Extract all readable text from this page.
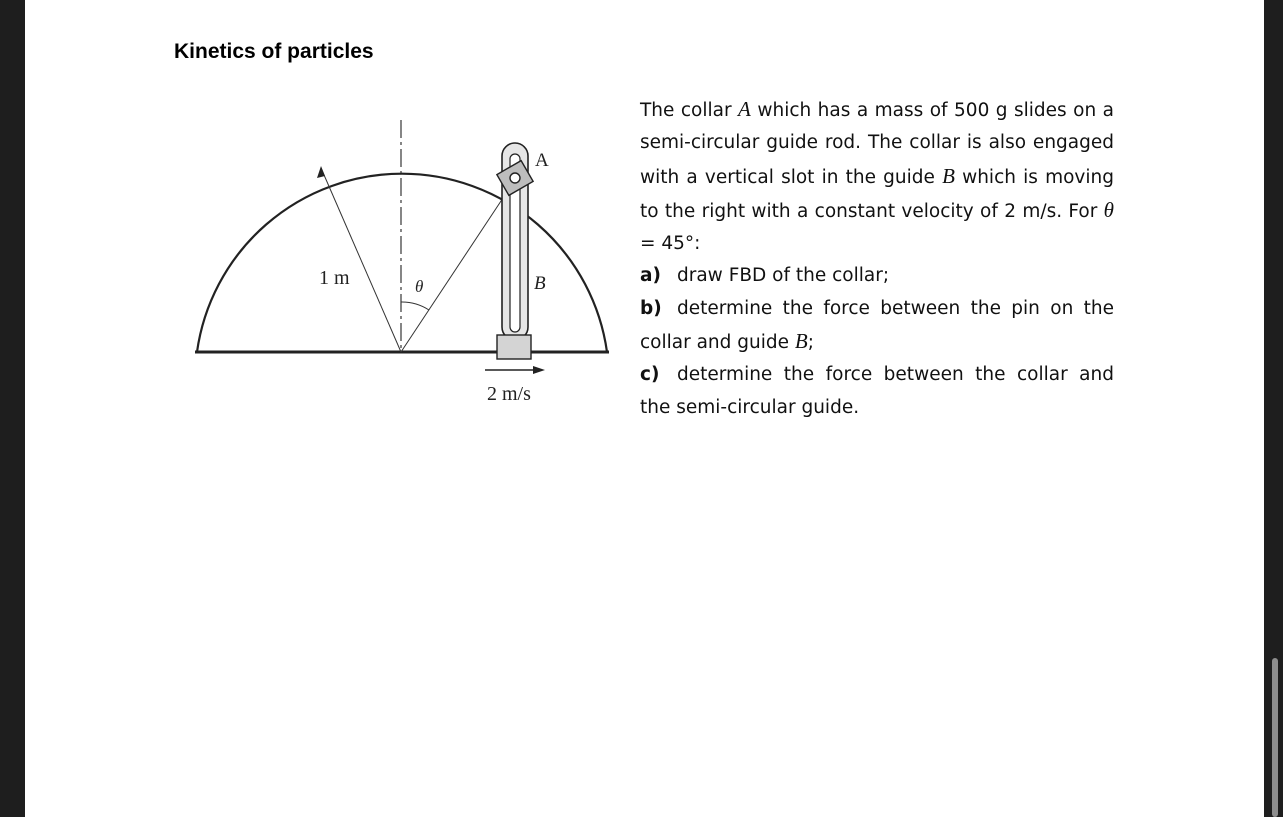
Kinetics of particles
1 m	θ
A
B
2 m/s

The collar A which has a mass of 500 g slides on a semi-circular guide rod. The collar is also engaged with a vertical slot in the guide B which is moving to the right with a constant velocity of 2 m/s. For θ = 45°:

a) draw FBD of the collar;
b) determine the force between the pin on the collar and guide B;
c) determine the force between the collar and the semi-circular guide.
